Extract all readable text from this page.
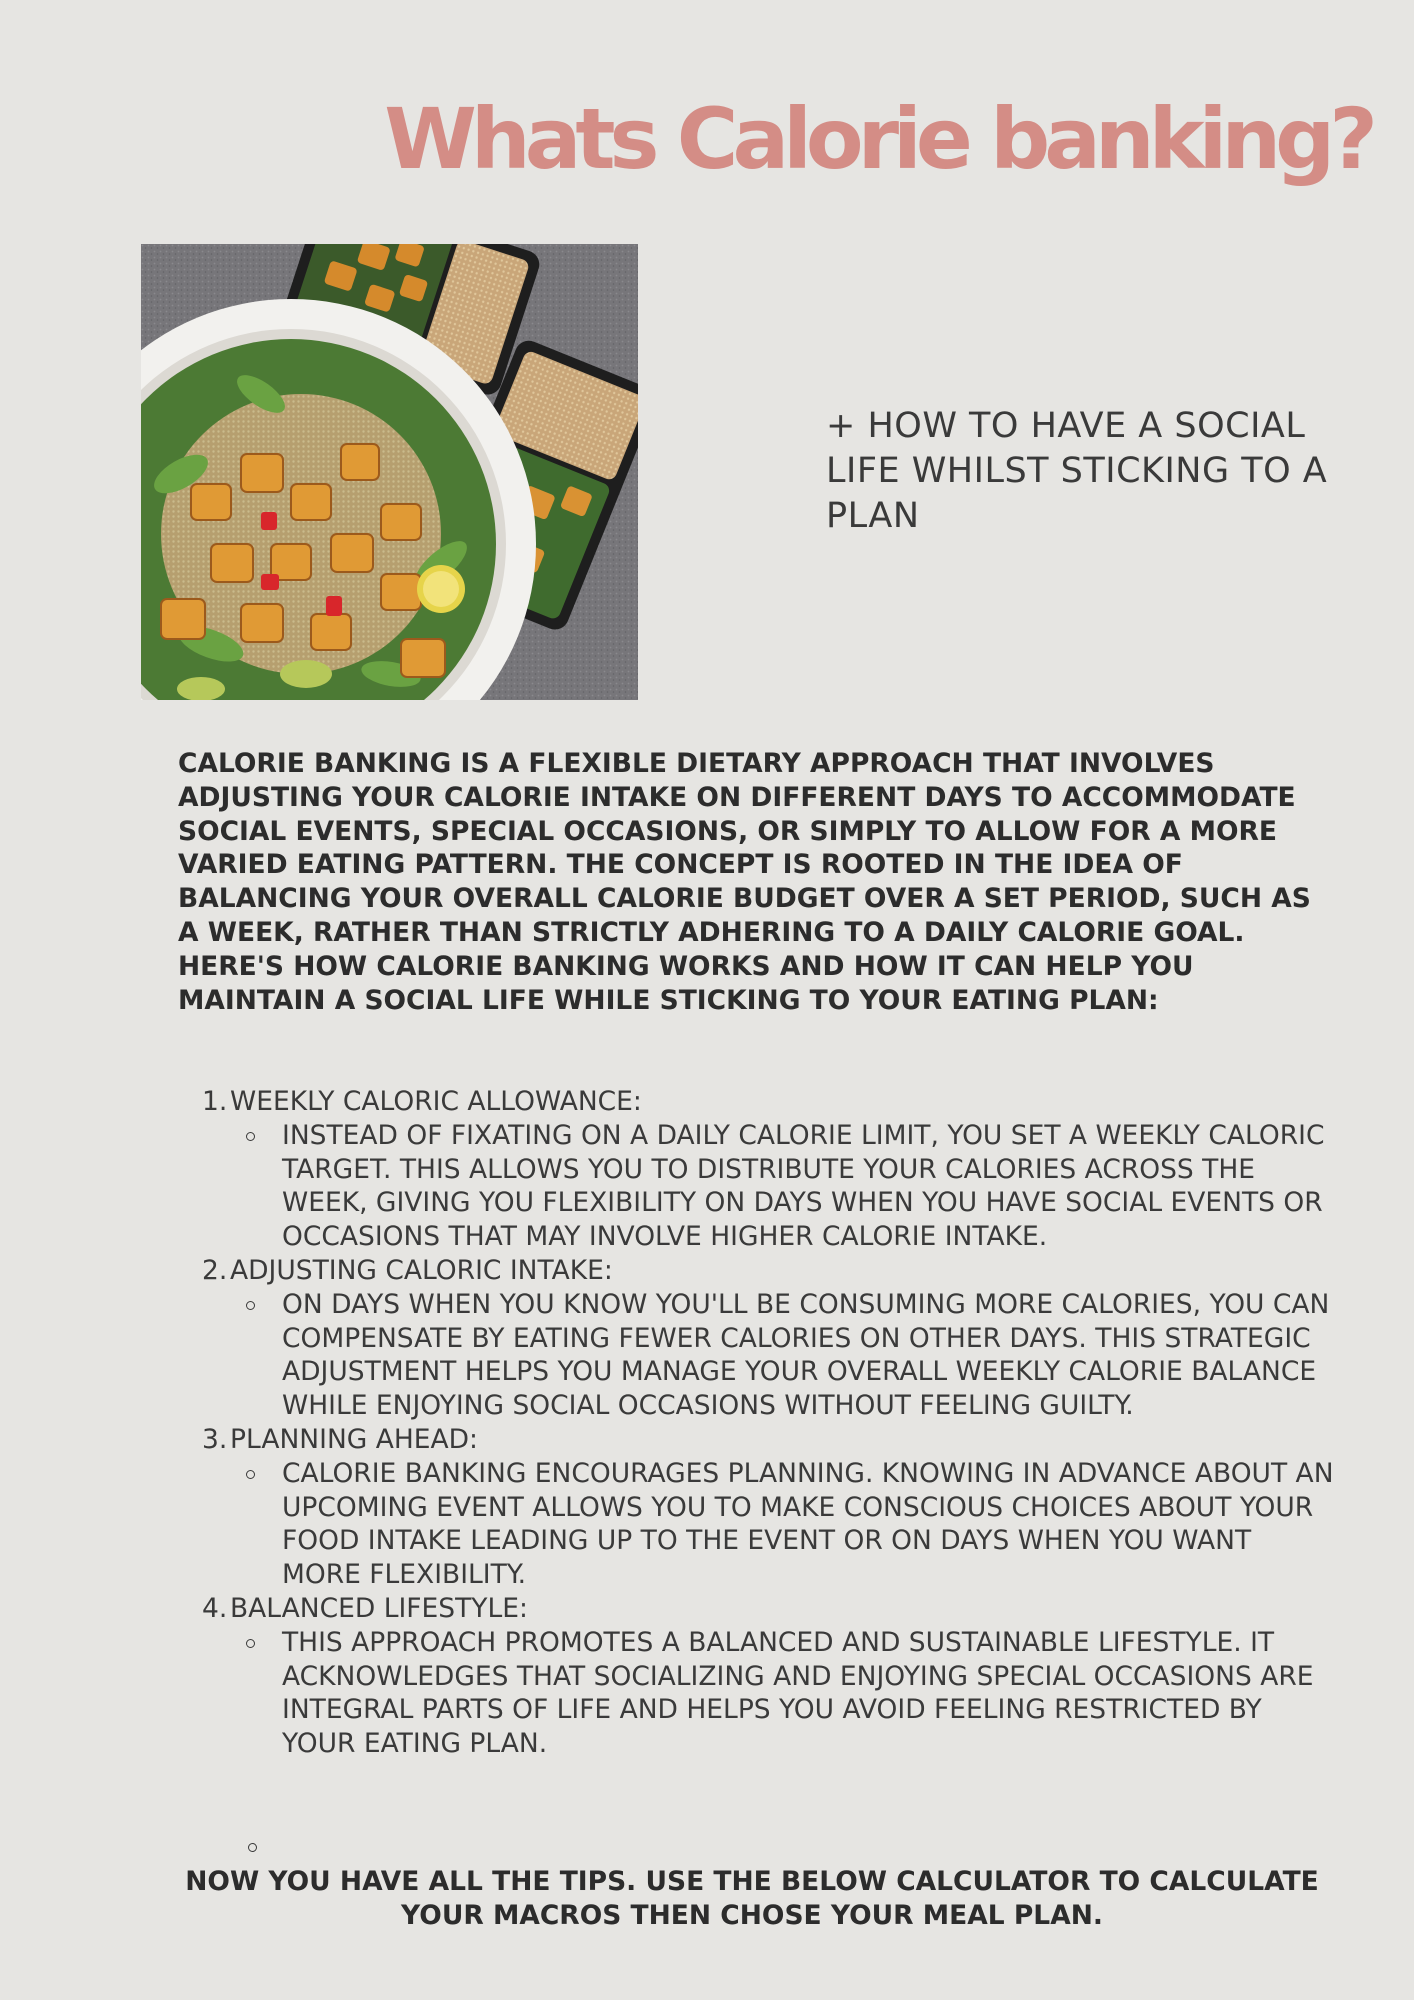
Whats Calorie banking?
+ HOW TO HAVE A SOCIAL LIFE WHILST STICKING TO A PLAN

CALORIE BANKING IS A FLEXIBLE DIETARY APPROACH THAT INVOLVES ADJUSTING YOUR CALORIE INTAKE ON DIFFERENT DAYS TO ACCOMMODATE SOCIAL EVENTS, SPECIAL OCCASIONS, OR SIMPLY TO ALLOW FOR A MORE VARIED EATING PATTERN. THE CONCEPT IS ROOTED IN THE IDEA OF BALANCING YOUR OVERALL CALORIE BUDGET OVER A SET PERIOD, SUCH AS A WEEK, RATHER THAN STRICTLY ADHERING TO A DAILY CALORIE GOAL.

HERE'S HOW CALORIE BANKING WORKS AND HOW IT CAN HELP YOU MAINTAIN A SOCIAL LIFE WHILE STICKING TO YOUR EATING PLAN:

1. WEEKLY CALORIC ALLOWANCE:
INSTEAD OF FIXATING ON A DAILY CALORIE LIMIT, YOU SET A WEEKLY CALORIC TARGET. THIS ALLOWS YOU TO DISTRIBUTE YOUR CALORIES ACROSS THE WEEK, GIVING YOU FLEXIBILITY ON DAYS WHEN YOU HAVE SOCIAL EVENTS OR OCCASIONS THAT MAY INVOLVE HIGHER CALORIE INTAKE.
2. ADJUSTING CALORIC INTAKE:
ON DAYS WHEN YOU KNOW YOU'LL BE CONSUMING MORE CALORIES, YOU CAN COMPENSATE BY EATING FEWER CALORIES ON OTHER DAYS. THIS STRATEGIC ADJUSTMENT HELPS YOU MANAGE YOUR OVERALL WEEKLY CALORIE BALANCE WHILE ENJOYING SOCIAL OCCASIONS WITHOUT FEELING GUILTY.
3. PLANNING AHEAD:
CALORIE BANKING ENCOURAGES PLANNING. KNOWING IN ADVANCE ABOUT AN UPCOMING EVENT ALLOWS YOU TO MAKE CONSCIOUS CHOICES ABOUT YOUR FOOD INTAKE LEADING UP TO THE EVENT OR ON DAYS WHEN YOU WANT MORE FLEXIBILITY.
4. BALANCED LIFESTYLE:
THIS APPROACH PROMOTES A BALANCED AND SUSTAINABLE LIFESTYLE. IT ACKNOWLEDGES THAT SOCIALIZING AND ENJOYING SPECIAL OCCASIONS ARE INTEGRAL PARTS OF LIFE AND HELPS YOU AVOID FEELING RESTRICTED BY YOUR EATING PLAN.

NOW YOU HAVE ALL THE TIPS. USE THE BELOW CALCULATOR TO CALCULATE YOUR MACROS THEN CHOSE YOUR MEAL PLAN.
